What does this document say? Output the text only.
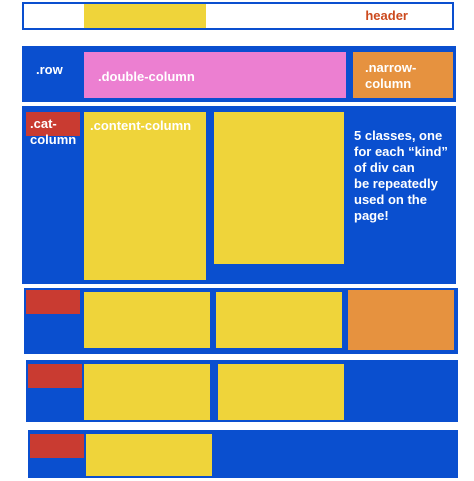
header
.row	.double-column
.narrow-
column
.cat-
column
.content-column
5 classes, one
for each “kind”
of div can
be repeatedly
used on the
page!
